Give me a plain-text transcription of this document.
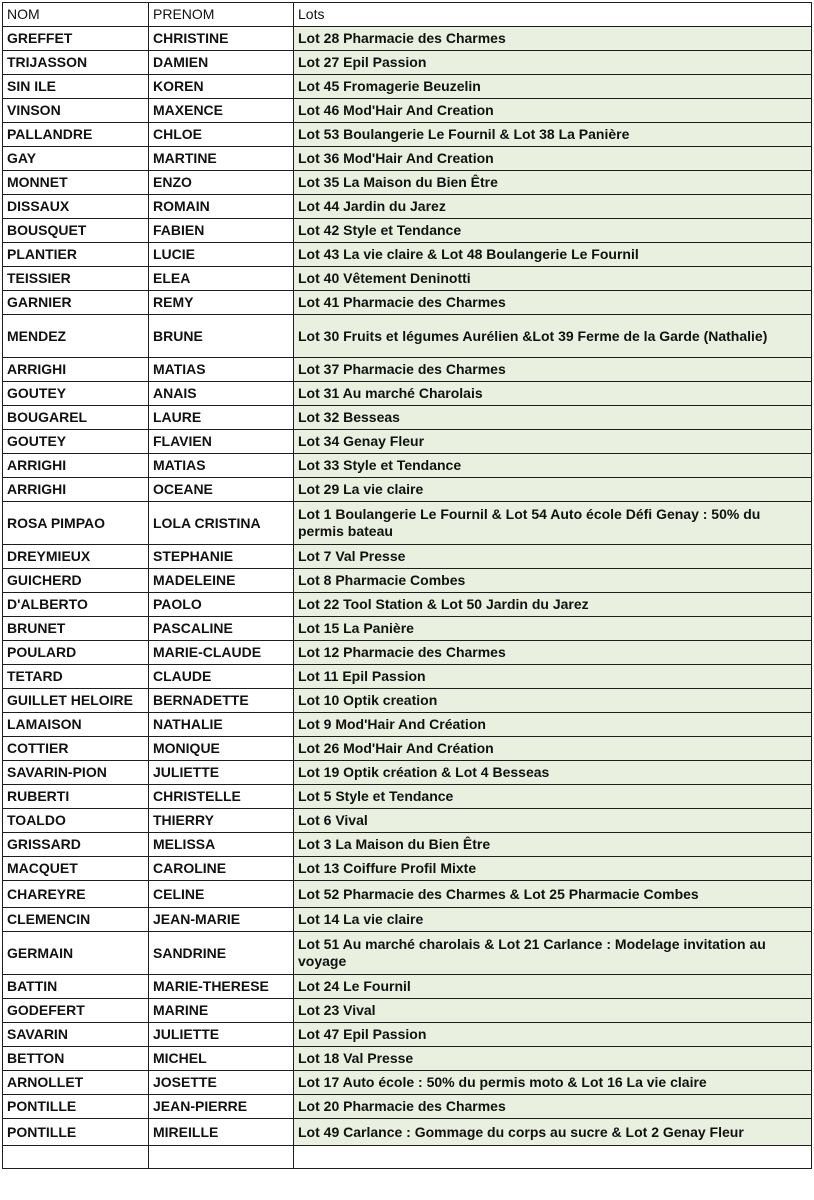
NOM	PRENOM	Lots
GREFFET	CHRISTINE	Lot 28 Pharmacie des Charmes
TRIJASSON	DAMIEN	Lot 27 Epil Passion
SIN ILE	KOREN	Lot 45 Fromagerie Beuzelin
VINSON	MAXENCE	Lot 46 Mod'Hair And Creation
PALLANDRE	CHLOE	Lot 53 Boulangerie Le Fournil & Lot 38 La Panière
GAY	MARTINE	Lot 36 Mod'Hair And Creation
MONNET	ENZO	Lot 35 La Maison du Bien Être
DISSAUX	ROMAIN	Lot 44 Jardin du Jarez
BOUSQUET	FABIEN	Lot 42 Style et Tendance
PLANTIER	LUCIE	Lot 43 La vie claire & Lot 48 Boulangerie Le Fournil
TEISSIER	ELEA	Lot 40 Vêtement Deninotti
GARNIER	REMY	Lot 41 Pharmacie des Charmes
MENDEZ	BRUNE	Lot 30 Fruits et légumes Aurélien &Lot 39 Ferme de la Garde (Nathalie)
ARRIGHI	MATIAS	Lot 37 Pharmacie des Charmes
GOUTEY	ANAIS	Lot 31 Au marché Charolais
BOUGAREL	LAURE	Lot 32 Besseas
GOUTEY	FLAVIEN	Lot 34 Genay Fleur
ARRIGHI	MATIAS	Lot 33 Style et Tendance
ARRIGHI	OCEANE	Lot 29 La vie claire
ROSA PIMPAO	LOLA CRISTINA	Lot 1 Boulangerie Le Fournil & Lot 54 Auto école Défi Genay : 50% du permis bateau
DREYMIEUX	STEPHANIE	Lot 7 Val Presse
GUICHERD	MADELEINE	Lot 8 Pharmacie Combes
D'ALBERTO	PAOLO	Lot 22 Tool Station & Lot 50 Jardin du Jarez
BRUNET	PASCALINE	Lot 15 La Panière
POULARD	MARIE-CLAUDE	Lot 12 Pharmacie des Charmes
TETARD	CLAUDE	Lot 11 Epil Passion
GUILLET HELOIRE	BERNADETTE	Lot 10 Optik creation
LAMAISON	NATHALIE	Lot 9 Mod'Hair And Création
COTTIER	MONIQUE	Lot 26 Mod'Hair And Création
SAVARIN-PION	JULIETTE	Lot 19 Optik création & Lot 4 Besseas
RUBERTI	CHRISTELLE	Lot 5 Style et Tendance
TOALDO	THIERRY	Lot 6 Vival
GRISSARD	MELISSA	Lot 3 La Maison du Bien Être
MACQUET	CAROLINE	Lot 13 Coiffure Profil Mixte
CHAREYRE	CELINE	Lot 52 Pharmacie des Charmes & Lot 25 Pharmacie Combes
CLEMENCIN	JEAN-MARIE	Lot 14 La vie claire
GERMAIN	SANDRINE	Lot 51 Au marché charolais & Lot 21 Carlance : Modelage invitation au voyage
BATTIN	MARIE-THERESE	Lot 24 Le Fournil
GODEFERT	MARINE	Lot 23 Vival
SAVARIN	JULIETTE	Lot 47 Epil Passion
BETTON	MICHEL	Lot 18 Val Presse
ARNOLLET	JOSETTE	Lot 17 Auto école : 50% du permis moto & Lot 16 La vie claire
PONTILLE	JEAN-PIERRE	Lot 20 Pharmacie des Charmes
PONTILLE	MIREILLE	Lot 49 Carlance : Gommage du corps au sucre & Lot 2 Genay Fleur
